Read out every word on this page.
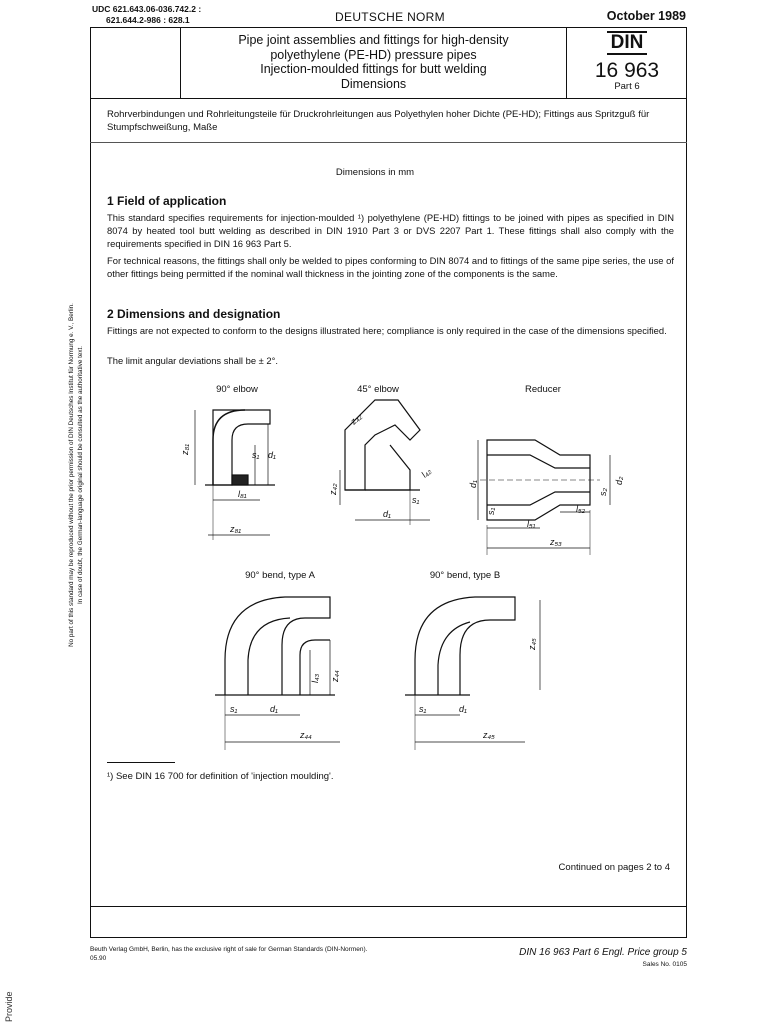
UDC 621.643.06-036.742.2 :
621.644.2-986 : 628.1	DEUTSCHE NORM	October 1989
Pipe joint assemblies and fittings for high-density
polyethylene (PE-HD) pressure pipes
Injection-moulded fittings for butt welding
Dimensions
DIN
16 963
Part 6
Rohrverbindungen und Rohrleitungsteile für Druckrohrleitungen aus Polyethylen hoher Dichte (PE-HD); Fittings aus Spritzguß für Stumpfschweißung, Maße
Dimensions in mm
1 Field of application
This standard specifies requirements for injection-moulded ¹) polyethylene (PE-HD) fittings to be joined with pipes as specified in DIN 8074 by heated tool butt welding as described in DIN 1910 Part 3 or DVS 2207 Part 1. These fittings shall also comply with the requirements specified in DIN 16 963 Part 5.
For technical reasons, the fittings shall only be welded to pipes conforming to DIN 8074 and to fittings of the same pipe series, the use of other fittings being permitted if the nominal wall thickness in the jointing zone of the components is the same.
2 Dimensions and designation
Fittings are not expected to conform to the designs illustrated here; compliance is only required in the case of the dimensions specified.
The limit angular deviations shall be ± 2°.
90° elbow	45° elbow	Reducer
90° bend, type A	90° bend, type B
z₈₁	s₁ d₁
l₈₁
z₈₁
z₄₂
z₄₂
l₄₂
s₁
d₁
d₁
s₁
l₅₁
z₅₃
l₅₂
s₂
d₂
z₄₄
l₄₃
s₁	d₁
z₄₄
z₄₅
s₁	d₁
z₄₅
¹) See DIN 16 700 for definition of 'injection moulding'.
Continued on pages 2 to 4
Beuth Verlag GmbH, Berlin, has the exclusive right of sale for German Standards (DIN-Normen).
05.90
DIN 16 963 Part 6 Engl. Price group 5
Sales No. 0105
No part of this standard may be reproduced without the prior permission of DIN Deutsches Institut für Normung e. V., Berlin. In case of doubt, the German-language original should be consulted as the authoritative text.
Provide
